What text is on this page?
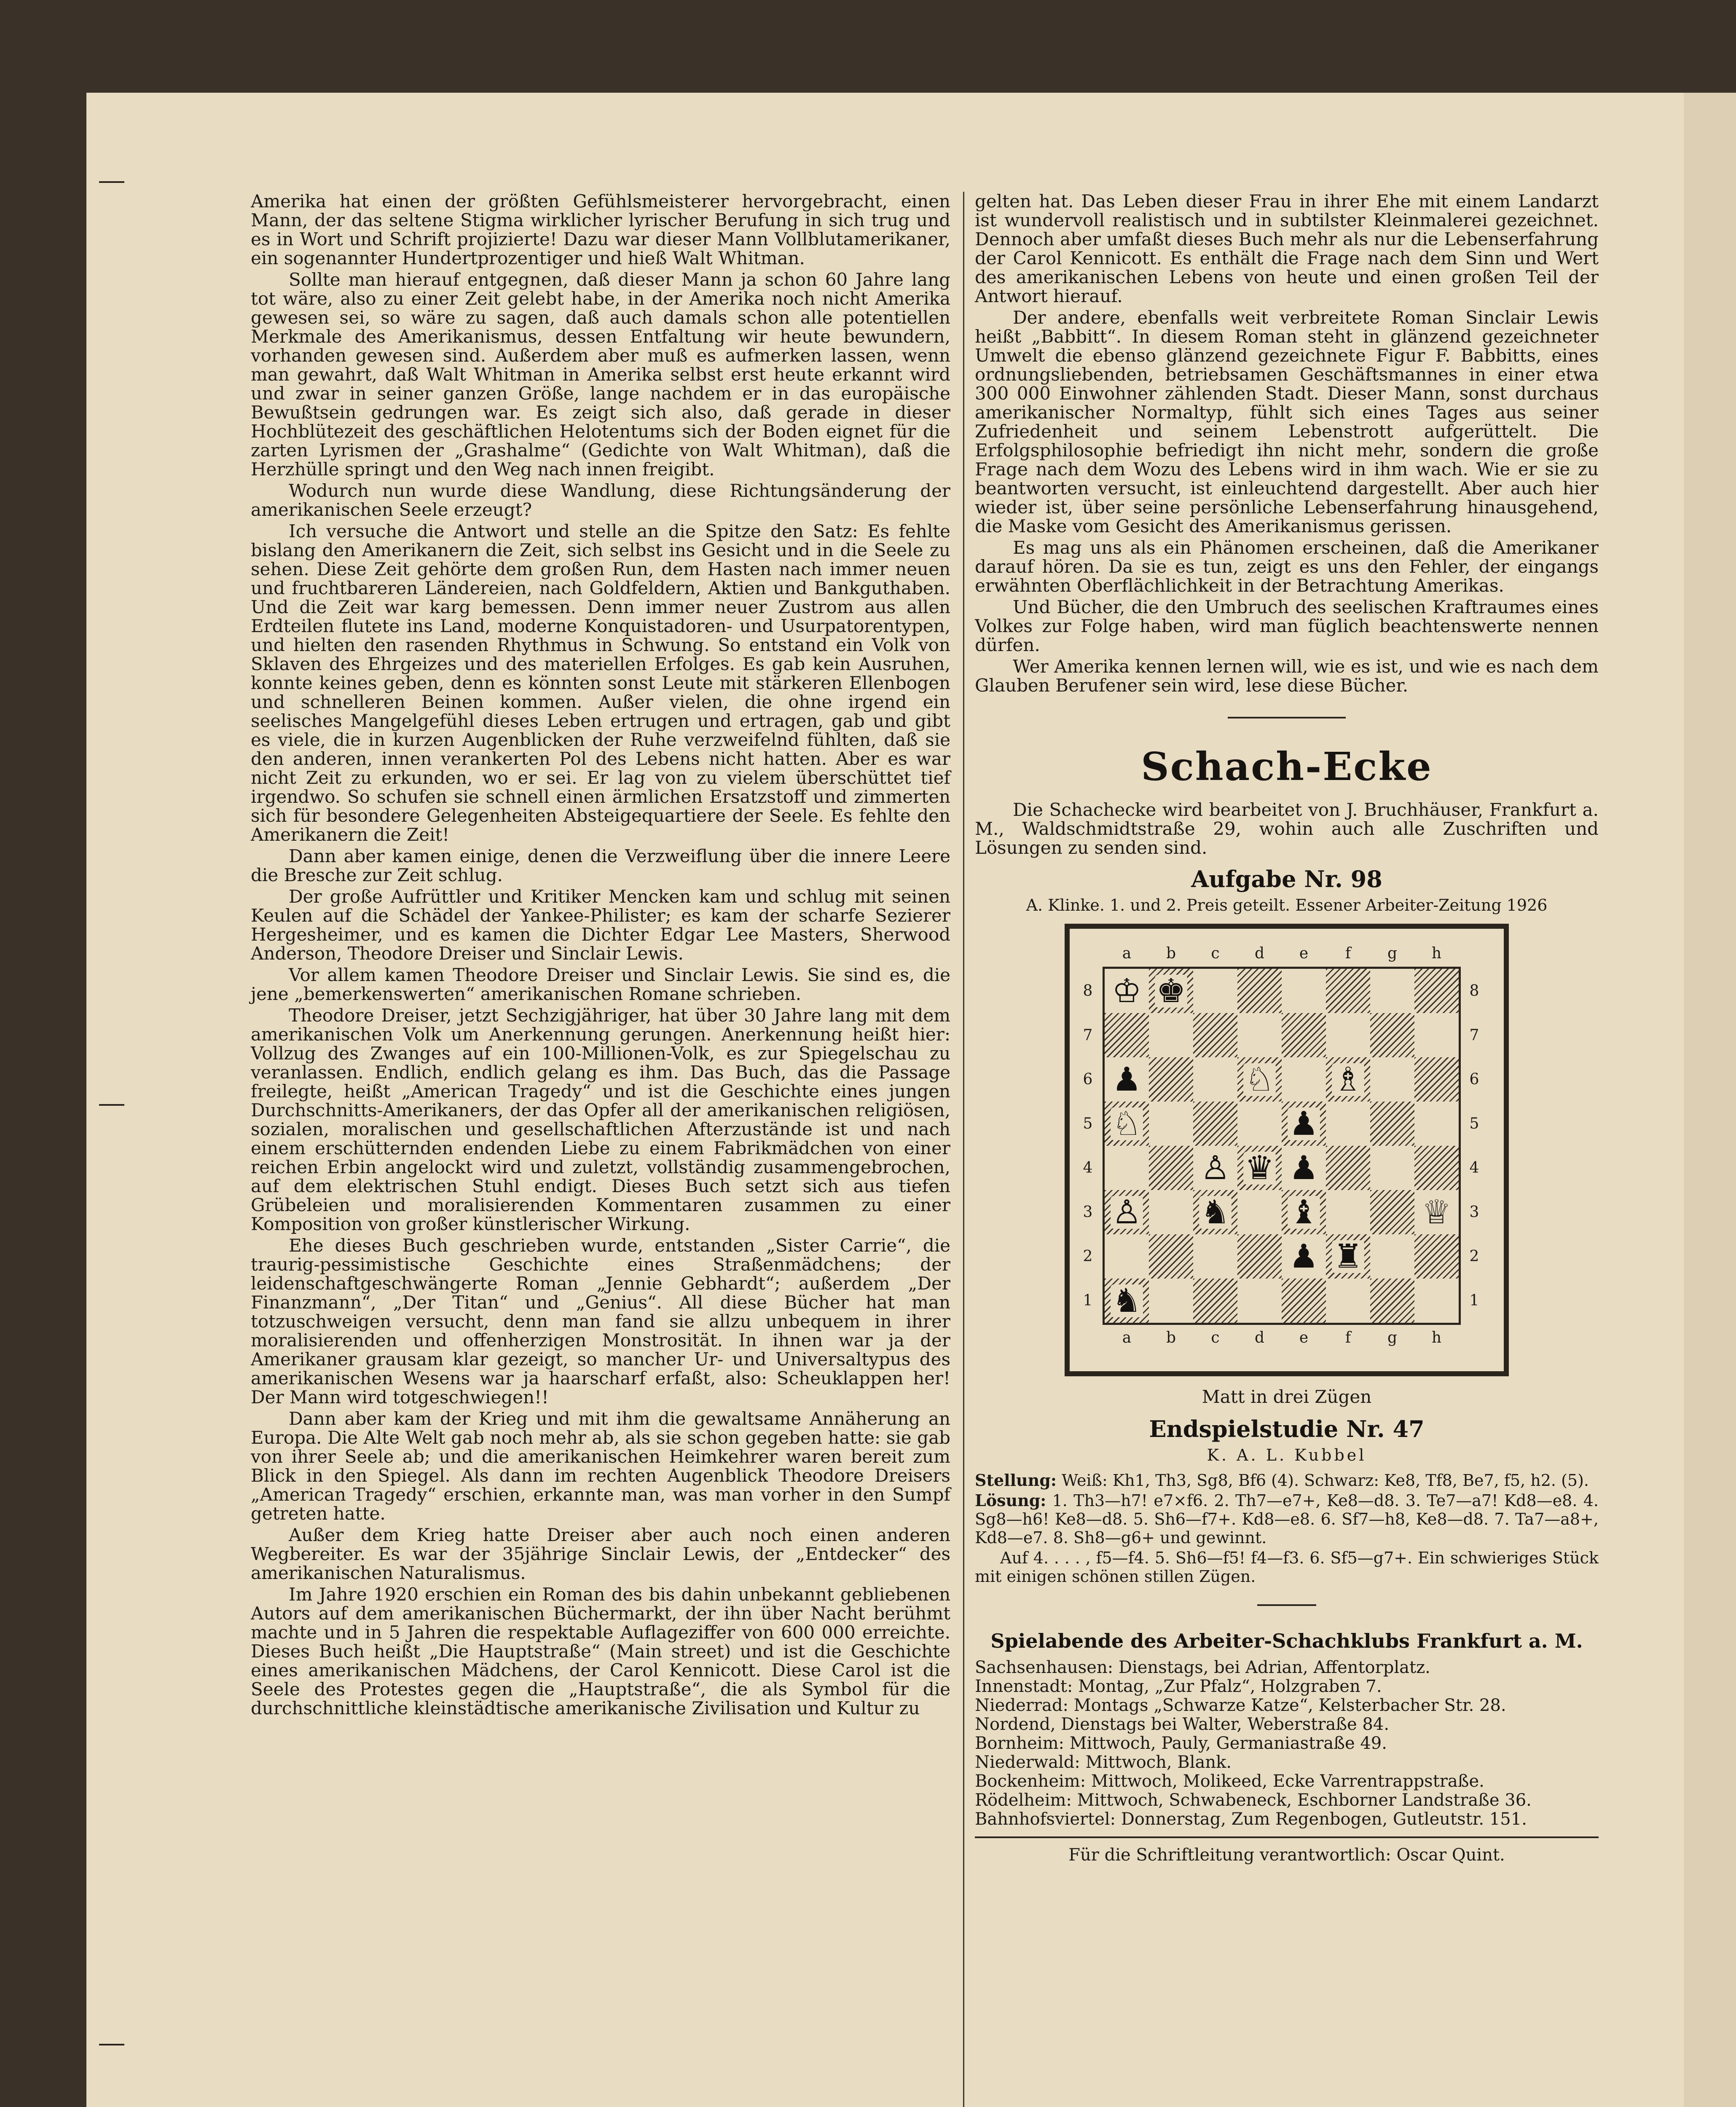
Amerika hat einen der größten Gefühlsmeisterer hervorgebracht, einen Mann, der das seltene Stigma wirklicher lyrischer Berufung in sich trug und es in Wort und Schrift projizierte! Dazu war dieser Mann Vollblutamerikaner, ein sogenannter Hundertprozentiger und hieß Walt Whitman.

Sollte man hierauf entgegnen, daß dieser Mann ja schon 60 Jahre lang tot wäre, also zu einer Zeit gelebt habe, in der Amerika noch nicht Amerika gewesen sei, so wäre zu sagen, daß auch damals schon alle potentiellen Merkmale des Amerikanismus, dessen Entfaltung wir heute bewundern, vorhanden gewesen sind. Außerdem aber muß es aufmerken lassen, wenn man gewahrt, daß Walt Whitman in Amerika selbst erst heute erkannt wird und zwar in seiner ganzen Größe, lange nachdem er in das europäische Bewußtsein gedrungen war. Es zeigt sich also, daß gerade in dieser Hochblütezeit des geschäftlichen Helotentums sich der Boden eignet für die zarten Lyrismen der „Grashalme“ (Gedichte von Walt Whitman), daß die Herzhülle springt und den Weg nach innen freigibt.

Wodurch nun wurde diese Wandlung, diese Richtungsänderung der amerikanischen Seele erzeugt?

Ich versuche die Antwort und stelle an die Spitze den Satz: Es fehlte bislang den Amerikanern die Zeit, sich selbst ins Gesicht und in die Seele zu sehen. Diese Zeit gehörte dem großen Run, dem Hasten nach immer neuen und fruchtbareren Ländereien, nach Goldfeldern, Aktien und Bankguthaben. Und die Zeit war karg bemessen. Denn immer neuer Zustrom aus allen Erdteilen flutete ins Land, moderne Konquistadoren- und Usurpatorentypen, und hielten den rasenden Rhythmus in Schwung. So entstand ein Volk von Sklaven des Ehrgeizes und des materiellen Erfolges. Es gab kein Ausruhen, konnte keines geben, denn es könnten sonst Leute mit stärkeren Ellenbogen und schnelleren Beinen kommen. Außer vielen, die ohne irgend ein seelisches Mangelgefühl dieses Leben ertrugen und ertragen, gab und gibt es viele, die in kurzen Augenblicken der Ruhe verzweifelnd fühlten, daß sie den anderen, innen verankerten Pol des Lebens nicht hatten. Aber es war nicht Zeit zu erkunden, wo er sei. Er lag von zu vielem überschüttet tief irgendwo. So schufen sie schnell einen ärmlichen Ersatzstoff und zimmerten sich für besondere Gelegenheiten Absteigequartiere der Seele. Es fehlte den Amerikanern die Zeit!

Dann aber kamen einige, denen die Verzweiflung über die innere Leere die Bresche zur Zeit schlug.

Der große Aufrüttler und Kritiker Mencken kam und schlug mit seinen Keulen auf die Schädel der Yankee-Philister; es kam der scharfe Sezierer Hergesheimer, und es kamen die Dichter Edgar Lee Masters, Sherwood Anderson, Theodore Dreiser und Sinclair Lewis.

Vor allem kamen Theodore Dreiser und Sinclair Lewis. Sie sind es, die jene „bemerkenswerten“ amerikanischen Romane schrieben.

Theodore Dreiser, jetzt Sechzigjähriger, hat über 30 Jahre lang mit dem amerikanischen Volk um Anerkennung gerungen. Anerkennung heißt hier: Vollzug des Zwanges auf ein 100-Millionen-Volk, es zur Spiegelschau zu veranlassen. Endlich, endlich gelang es ihm. Das Buch, das die Passage freilegte, heißt „American Tragedy“ und ist die Geschichte eines jungen Durchschnitts-Amerikaners, der das Opfer all der amerikanischen religiösen, sozialen, moralischen und gesellschaftlichen Afterzustände ist und nach einem erschütternden endenden Liebe zu einem Fabrikmädchen von einer reichen Erbin angelockt wird und zuletzt, vollständig zusammengebrochen, auf dem elektrischen Stuhl endigt. Dieses Buch setzt sich aus tiefen Grübeleien und moralisierenden Kommentaren zusammen zu einer Komposition von großer künstlerischer Wirkung.

Ehe dieses Buch geschrieben wurde, entstanden „Sister Carrie“, die traurig-pessimistische Geschichte eines Straßenmädchens; der leidenschaftgeschwängerte Roman „Jennie Gebhardt“; außerdem „Der Finanzmann“, „Der Titan“ und „Genius“. All diese Bücher hat man totzuschweigen versucht, denn man fand sie allzu unbequem in ihrer moralisierenden und offenherzigen Monstrosität. In ihnen war ja der Amerikaner grausam klar gezeigt, so mancher Ur- und Universaltypus des amerikanischen Wesens war ja haarscharf erfaßt, also: Scheuklappen her! Der Mann wird totgeschwiegen!!

Dann aber kam der Krieg und mit ihm die gewaltsame Annäherung an Europa. Die Alte Welt gab noch mehr ab, als sie schon gegeben hatte: sie gab von ihrer Seele ab; und die amerikanischen Heimkehrer waren bereit zum Blick in den Spiegel. Als dann im rechten Augenblick Theodore Dreisers „American Tragedy“ erschien, erkannte man, was man vorher in den Sumpf getreten hatte.

Außer dem Krieg hatte Dreiser aber auch noch einen anderen Wegbereiter. Es war der 35jährige Sinclair Lewis, der „Entdecker“ des amerikanischen Naturalismus.

Im Jahre 1920 erschien ein Roman des bis dahin unbekannt gebliebenen Autors auf dem amerikanischen Büchermarkt, der ihn über Nacht berühmt machte und in 5 Jahren die respektable Auflageziffer von 600 000 erreichte. Dieses Buch heißt „Die Hauptstraße“ (Main street) und ist die Geschichte eines amerikanischen Mädchens, der Carol Kennicott. Diese Carol ist die Seele des Protestes gegen die „Hauptstraße“, die als Symbol für die durchschnittliche kleinstädtische amerikanische Zivilisation und Kultur zu

gelten hat. Das Leben dieser Frau in ihrer Ehe mit einem Landarzt ist wundervoll realistisch und in subtilster Kleinmalerei gezeichnet. Dennoch aber umfaßt dieses Buch mehr als nur die Lebenserfahrung der Carol Kennicott. Es enthält die Frage nach dem Sinn und Wert des amerikanischen Lebens von heute und einen großen Teil der Antwort hierauf.

Der andere, ebenfalls weit verbreitete Roman Sinclair Lewis heißt „Babbitt“. In diesem Roman steht in glänzend gezeichneter Umwelt die ebenso glänzend gezeichnete Figur F. Babbitts, eines ordnungsliebenden, betriebsamen Geschäftsmannes in einer etwa 300 000 Einwohner zählenden Stadt. Dieser Mann, sonst durchaus amerikanischer Normaltyp, fühlt sich eines Tages aus seiner Zufriedenheit und seinem Lebenstrott aufgerüttelt. Die Erfolgsphilosophie befriedigt ihn nicht mehr, sondern die große Frage nach dem Wozu des Lebens wird in ihm wach. Wie er sie zu beantworten versucht, ist einleuchtend dargestellt. Aber auch hier wieder ist, über seine persönliche Lebenserfahrung hinausgehend, die Maske vom Gesicht des Amerikanismus gerissen.

Es mag uns als ein Phänomen erscheinen, daß die Amerikaner darauf hören. Da sie es tun, zeigt es uns den Fehler, der eingangs erwähnten Oberflächlichkeit in der Betrachtung Amerikas.

Und Bücher, die den Umbruch des seelischen Kraftraumes eines Volkes zur Folge haben, wird man füglich beachtenswerte nennen dürfen.

Wer Amerika kennen lernen will, wie es ist, und wie es nach dem Glauben Berufener sein wird, lese diese Bücher.

Schach-Ecke

Die Schachecke wird bearbeitet von J. Bruchhäuser, Frankfurt a. M., Waldschmidtstraße 29, wohin auch alle Zuschriften und Lösungen zu senden sind.

Aufgabe Nr. 98
A. Klinke. 1. und 2. Preis geteilt. Essener Arbeiter-Zeitung 1926
♔ ♚
♟	♘ ♗
♘	♟
♙ ♛ ♟
♙ ♞ ♝	♕
♟ ♜
♞
a
a
b
b
c
c
d
d
e
e
f
f
g
g
h
h
8	8
7	7
6	6
5	5
4	4
3	3
2	2
1	1
Matt in drei Zügen
Endspielstudie Nr. 47
K. A. L. Kubbel

Stellung: Weiß: Kh1, Th3, Sg8, Bf6 (4). Schwarz: Ke8, Tf8, Be7, f5, h2. (5).

Lösung: 1. Th3—h7! e7×f6. 2. Th7—e7+, Ke8—d8. 3. Te7—a7! Kd8—e8. 4. Sg8—h6! Ke8—d8. 5. Sh6—f7+. Kd8—e8. 6. Sf7—h8, Ke8—d8. 7. Ta7—a8+, Kd8—e7. 8. Sh8—g6+ und gewinnt.

Auf 4. . . . , f5—f4. 5. Sh6—f5! f4—f3. 6. Sf5—g7+. Ein schwieriges Stück mit einigen schönen stillen Zügen.

Spielabende des Arbeiter-Schachklubs Frankfurt a. M.

Sachsenhausen: Dienstags, bei Adrian, Affentorplatz.

Innenstadt: Montag, „Zur Pfalz“, Holzgraben 7.

Niederrad: Montags „Schwarze Katze“, Kelsterbacher Str. 28.

Nordend, Dienstags bei Walter, Weberstraße 84.

Bornheim: Mittwoch, Pauly, Germaniastraße 49.

Niederwald: Mittwoch, Blank.

Bockenheim: Mittwoch, Molikeed, Ecke Varrentrappstraße.

Rödelheim: Mittwoch, Schwabeneck, Eschborner Landstraße 36.

Bahnhofsviertel: Donnerstag, Zum Regenbogen, Gutleutstr. 151.

Für die Schriftleitung verantwortlich: Oscar Quint.
